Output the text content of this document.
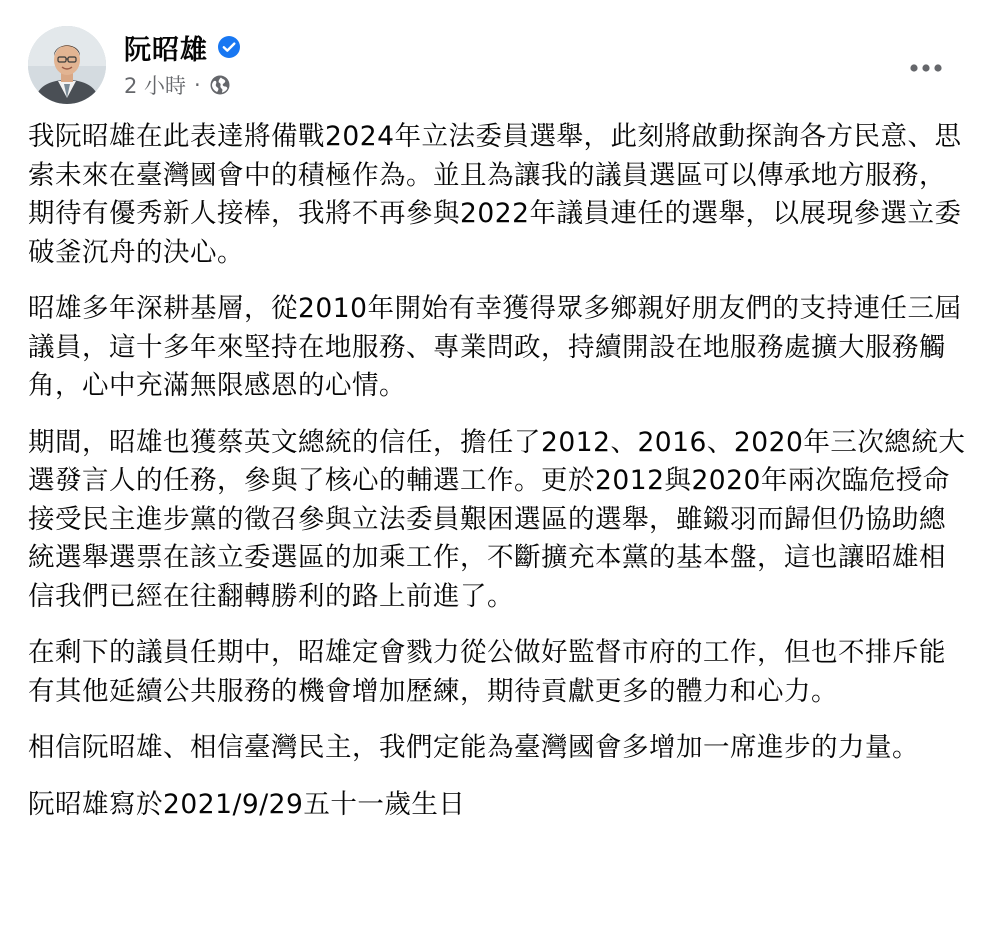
阮昭雄
2 小時 ·

我阮昭雄在此表達將備戰2024年立法委員選舉，此刻將啟動探詢各方民意、思索未來在臺灣國會中的積極作為。並且為讓我的議員選區可以傳承地方服務，期待有優秀新人接棒，我將不再參與2022年議員連任的選舉，以展現參選立委破釜沉舟的決心。

昭雄多年深耕基層，從2010年開始有幸獲得眾多鄉親好朋友們的支持連任三屆議員，這十多年來堅持在地服務、專業問政，持續開設在地服務處擴大服務觸角，心中充滿無限感恩的心情。

期間，昭雄也獲蔡英文總統的信任，擔任了2012、2016、2020年三次總統大選發言人的任務，參與了核心的輔選工作。更於2012與2020年兩次臨危授命接受民主進步黨的徵召參與立法委員艱困選區的選舉，雖鎩羽而歸但仍協助總統選舉選票在該立委選區的加乘工作，不斷擴充本黨的基本盤，這也讓昭雄相信我們已經在往翻轉勝利的路上前進了。

在剩下的議員任期中，昭雄定會戮力從公做好監督市府的工作，但也不排斥能有其他延續公共服務的機會增加歷練，期待貢獻更多的體力和心力。

相信阮昭雄、相信臺灣民主，我們定能為臺灣國會多增加一席進步的力量。

阮昭雄寫於2021/9/29五十一歲生日
